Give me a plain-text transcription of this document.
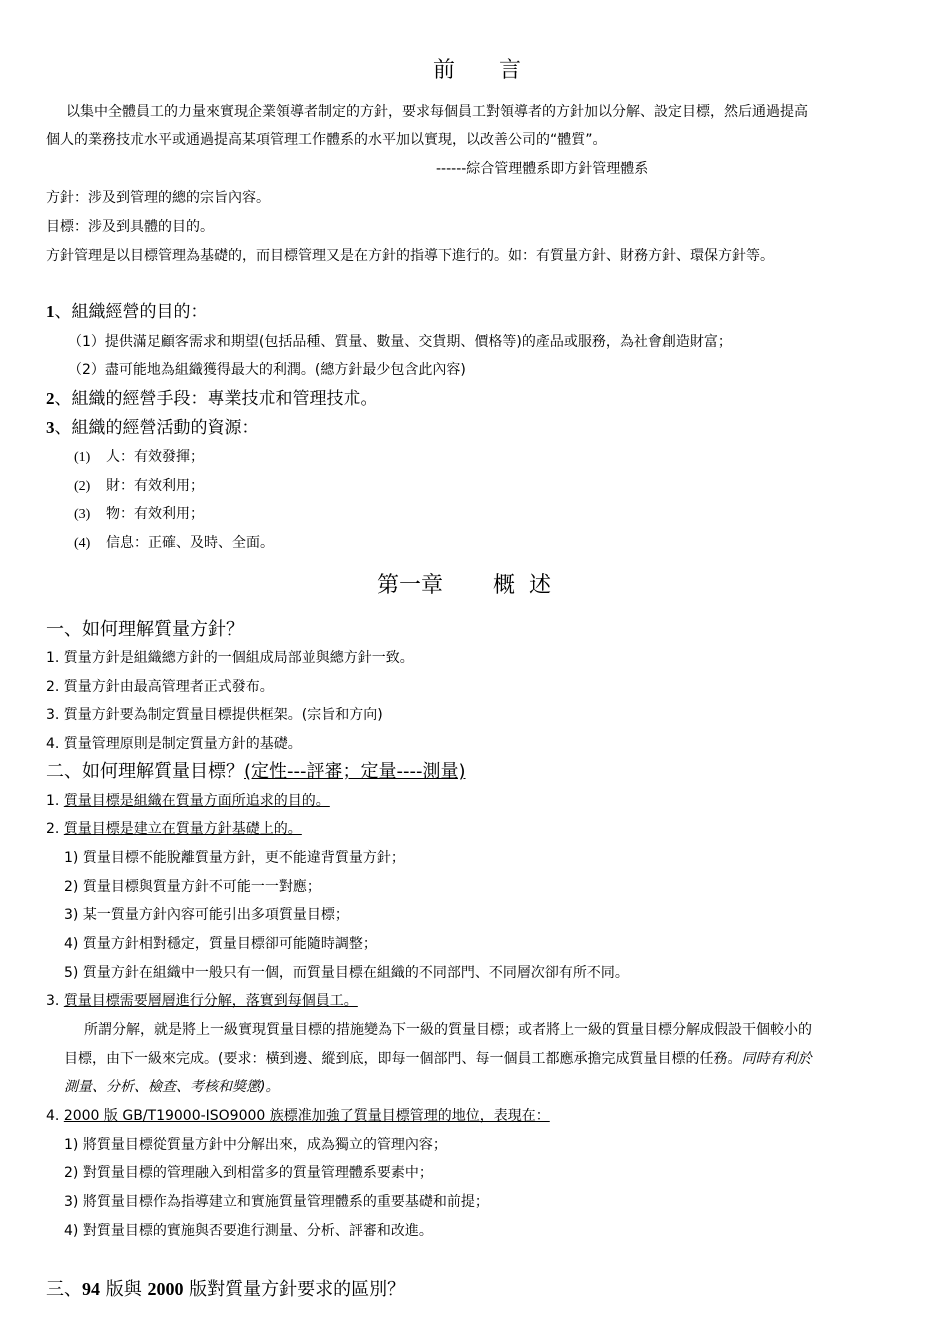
前 言
以集中全體員工的力量來實現企業領導者制定的方針，要求每個員工對領導者的方針加以分解、設定目標，然后通過提高
個人的業務技朮水平或通過提高某項管理工作體系的水平加以實現，以改善公司的“體質”。
------綜合管理體系即方針管理體系
方針：涉及到管理的總的宗旨內容。
目標：涉及到具體的目的。
方針管理是以目標管理為基礎的，而目標管理又是在方針的指導下進行的。如：有質量方針、財務方針、環保方針等。
1、組織經營的目的：
（1）提供滿足顧客需求和期望(包括品種、質量、數量、交貨期、價格等)的產品或服務，為社會創造財富；
（2）盡可能地為組織獲得最大的利潤。(總方針最少包含此內容)
2、組織的經營手段：專業技朮和管理技朮。
3、組織的經營活動的資源：
(1) 人：有效發揮；
(2) 財：有效利用；
(3) 物：有效利用；
(4) 信息：正確、及時、全面。
第一章 概  述
一、如何理解質量方針？
1. 質量方針是組織總方針的一個組成局部並與總方針一致。
2. 質量方針由最高管理者正式發布。
3. 質量方針要為制定質量目標提供框架。(宗旨和方向)
4. 質量管理原則是制定質量方針的基礎。
二、如何理解質量目標？(定性---評審；定量----測量)
1. 質量目標是組織在質量方面所追求的目的。
2. 質量目標是建立在質量方針基礎上的。
1) 質量目標不能脫離質量方針，更不能違背質量方針；
2) 質量目標與質量方針不可能一一對應；
3) 某一質量方針內容可能引出多項質量目標；
4) 質量方針相對穩定，質量目標卻可能隨時調整；
5) 質量方針在組織中一般只有一個，而質量目標在組織的不同部門、不同層次卻有所不同。
3. 質量目標需要層層進行分解，落實到每個員工。
所謂分解，就是將上一級實現質量目標的措施變為下一級的質量目標；或者將上一級的質量目標分解成假設干個較小的
目標，由下一級來完成。(要求：橫到邊、縱到底，即每一個部門、每一個員工都應承擔完成質量目標的任務。同時有利於
測量、分析、檢查、考核和獎懲)。
4. 2000 版 GB/T19000-ISO9000 族標准加強了質量目標管理的地位，表現在：
1) 將質量目標從質量方針中分解出來，成為獨立的管理內容；
2) 對質量目標的管理融入到相當多的質量管理體系要素中；
3) 將質量目標作為指導建立和實施質量管理體系的重要基礎和前提；
4) 對質量目標的實施與否要進行測量、分析、評審和改進。
三、94 版與 2000 版對質量方針要求的區別？
